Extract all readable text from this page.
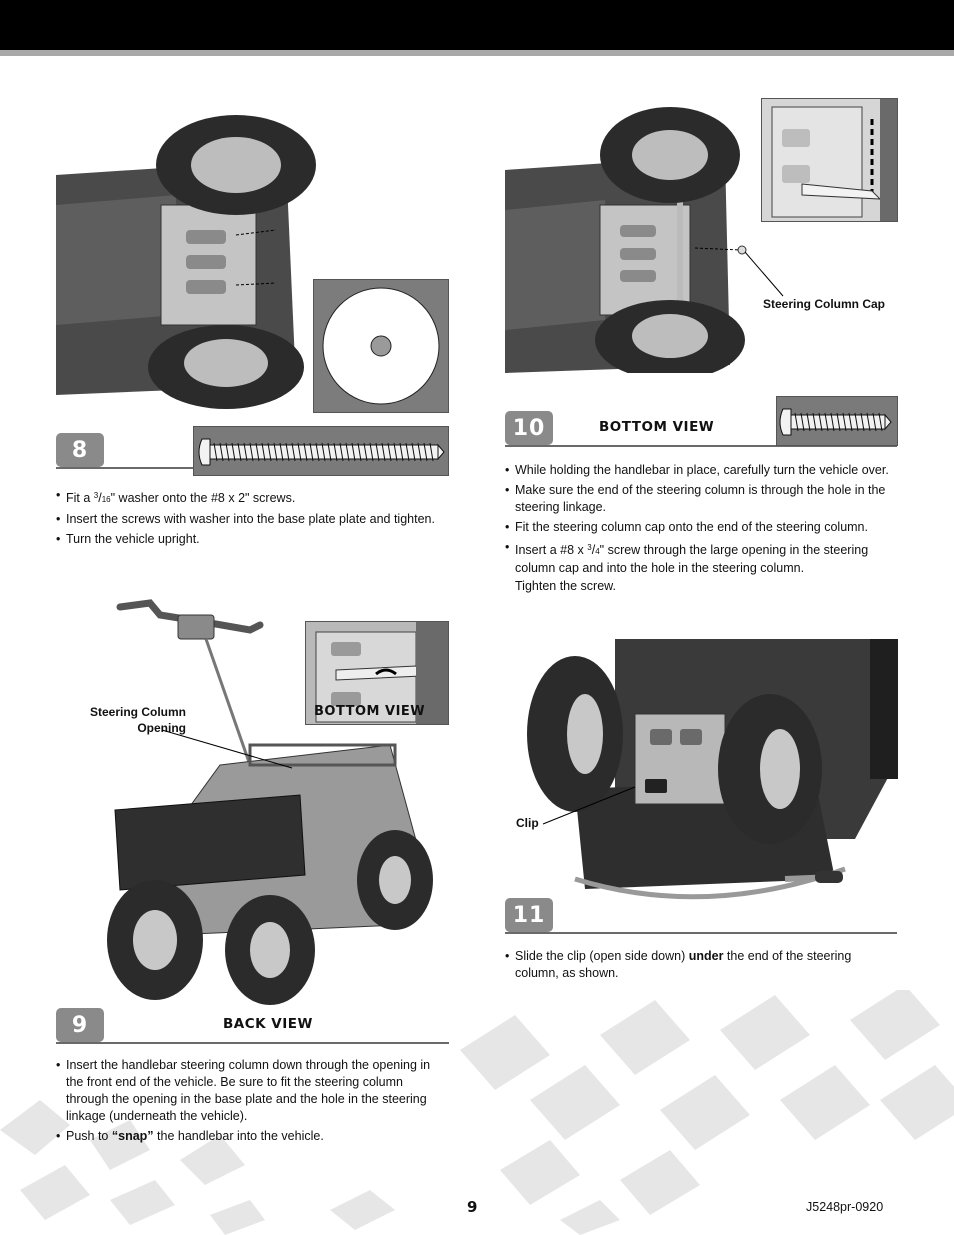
8
• Fit a $^3$/16" washer onto the #8 x 2" screws.
• Insert the screws with washer into the base plate plate and tighten.
• Turn the vehicle upright.
BOTTOM VIEW
Steering Column
Opening
9	BACK VIEW
• Insert the handlebar steering column down through the opening in the front end of the vehicle. Be sure to fit the steering column through the opening in the base plate and the hole in the steering linkage (underneath the vehicle).
• Push to “snap” the handlebar into the vehicle.
Steering Column Cap
10	BOTTOM VIEW
• While holding the handlebar in place, carefully turn the vehicle over.
• Make sure the end of the steering column is through the hole in the steering linkage.
• Fit the steering column cap onto the end of the steering column.
• Insert a #8 x $^3$/4" screw through the large opening in the steering column cap and into the hole in the steering column.
Tighten the screw.
Clip
11
• Slide the clip (open side down) under the end of the steering column, as shown.
9	J5248pr-0920
